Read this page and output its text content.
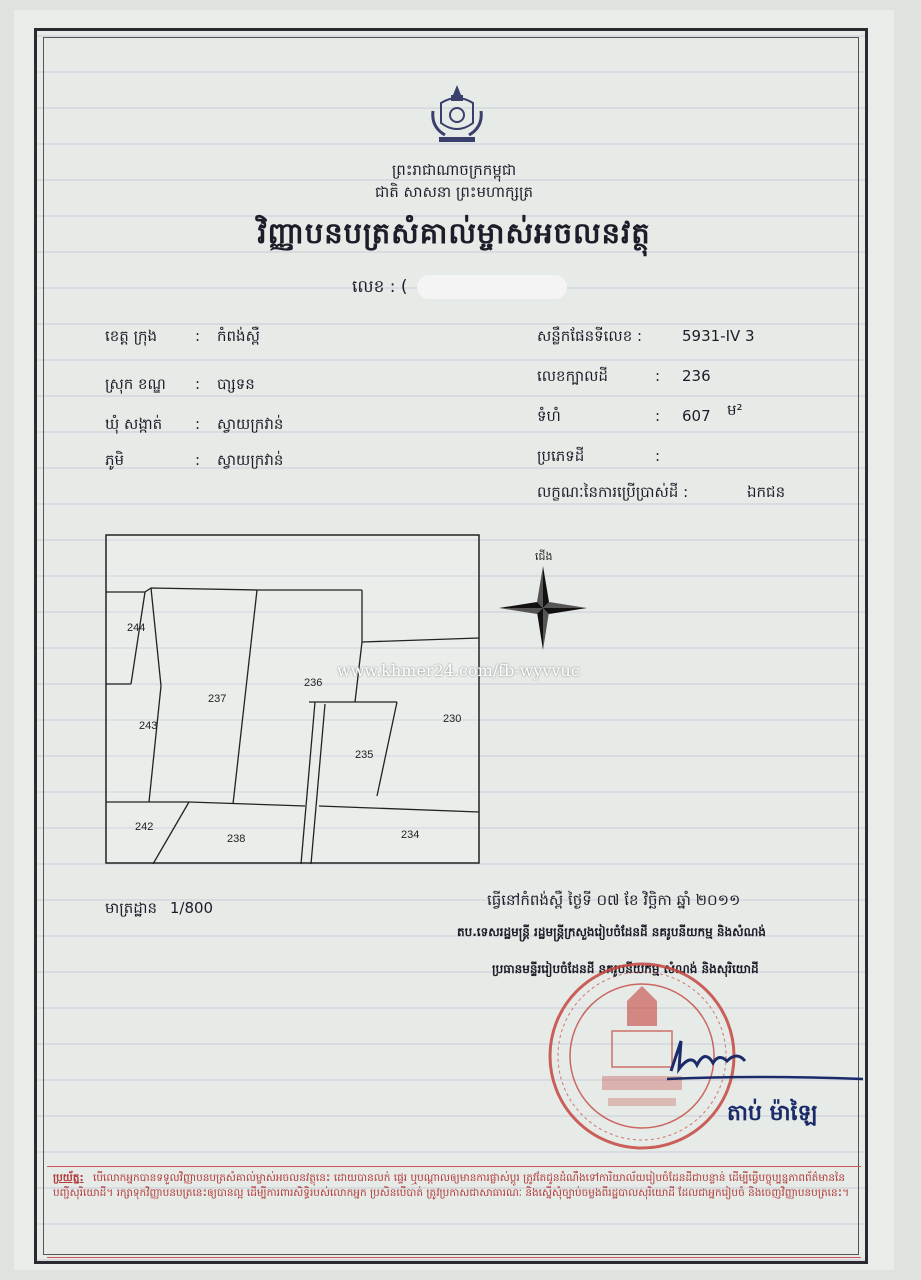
ព្រះរាជាណាចក្រកម្ពុជា
ជាតិ សាសនា ព្រះមហាក្សត្រ
វិញ្ញាបនបត្រសំគាល់ម្ចាស់អចលនវត្ថុ
លេខ : (
ខេត្ត ក្រុង	: កំពង់ស្ពឺ
ស្រុក ខណ្ឌ : បា្សទន
ឃុំ សង្កាត់ : ស្វាយក្រវាន់
ភូមិ	: ស្វាយក្រវាន់
សន្លឹកផែនទីលេខ :	5931-IV 3
លេខក្បាលដី	: 236
ទំហំ	: 607 ម²
ប្រភេទដី	:
លក្ខណៈនៃការប្រើប្រាស់ដី :	ឯកជន
244
237
236
243
230
235
242
238	234
ជើង
www.khmer24.com/fb-wyvvuc
មាត្រដ្ឋាន 1/800	ធ្វើនៅកំពង់ស្ពឺ ថ្ងៃទី ០៧ ខែ វិច្ឆិកា ឆ្នាំ ២០១១
តប.ទេសរដ្ឋមន្ត្រី រដ្ឋមន្ត្រីក្រសួងរៀបចំដែនដី នគរូបនីយកម្ម និងសំណង់
ប្រធានមន្ទីររៀបចំដែនដី នគរូបនីយកម្ម សំណង់ និងសុរិយោដី
តាប់ ម៉ាឡៃ
ប្រយ័ត្ន: បើលោកអ្នកបានទទួលវិញ្ញាបនបត្រសំគាល់ម្ចាស់អចលនវត្ថុនេះ ដោយបានលក់ ផ្ទេរ ឬបណ្ដាលឲ្យមានការផ្លាស់ប្ដូរ ត្រូវតែជូនដំណឹងទៅការិយាល័យរៀបចំដែនដីជាបន្ទាន់ ដើម្បីធ្វើបច្ចុប្បន្នភាពព័ត៌មាននៃបញ្ជីសុរិយោដី។ រក្សាទុកវិញ្ញាបនបត្រនេះឲ្យបានល្អ ដើម្បីការពារសិទ្ធិរបស់លោកអ្នក ប្រសិនបើបាត់ ត្រូវប្រកាសជាសាធារណៈ និងស្នើសុំច្បាប់ចម្លងពីរដ្ឋបាលសុរិយោដី ដែលជាអ្នករៀបចំ និងចេញវិញ្ញាបនបត្រនេះ។
